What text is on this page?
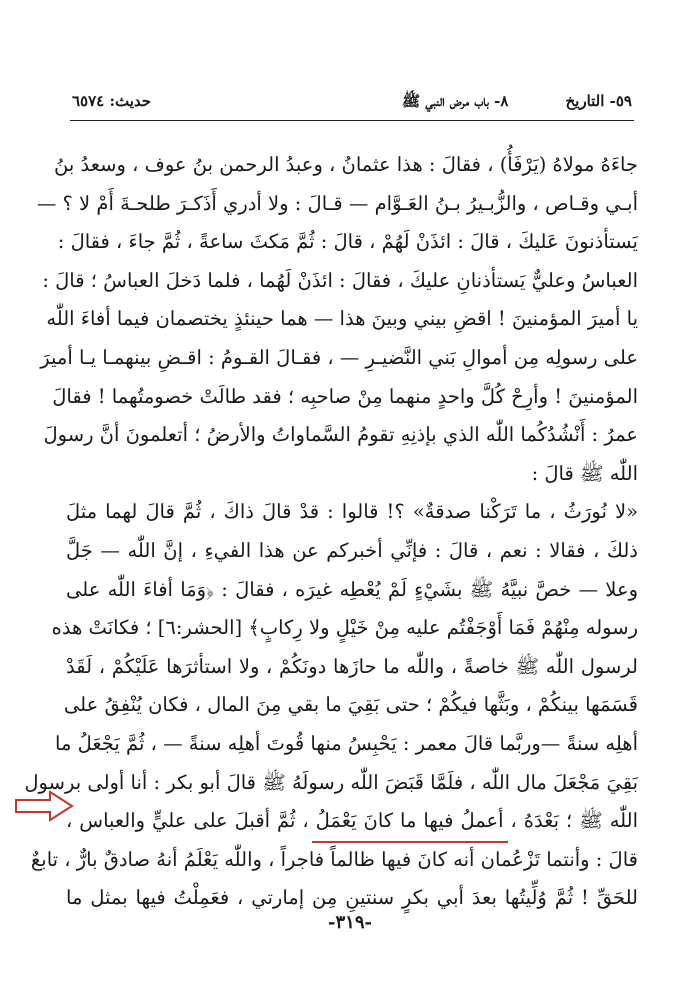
٥٩- التاريخ
٨- باب مرض النبي ﷺ
حديث: ٦٥٧٤
جاءَهُ مولاهُ (يَرْفَأُ) ، فقالَ : هذا عثمانُ ، وعبدُ الرحمن بنُ عوف ، وسعدُ بنُ
أبـي وقـاص ، والزُّبـيرُ بـنُ العَـوَّام — قـالَ : ولا أدري أَذَكـرَ طلحـةَ أَمْ لا ؟ —
يَستأذنونَ عَليكَ ، قالَ : ائذَنْ لَهُمْ ، قالَ : ثُمَّ مَكثَ ساعةً ، ثُمَّ جاءَ ، فقالَ :
العباسُ وعليٌّ يَستأذنانِ عليكَ ، فقالَ : ائذَنْ لَهُما ، فلما دَخلَ العباسُ ؛ قالَ :
يا أميرَ المؤمنينَ ! اقضِ بيني وبينَ هذا — هما حينئذٍ يختصمان فيما أفاءَ اللّٰه
على رسولِه مِن أموالِ بَني النَّضيـرِ — ، فقـالَ القـومُ : اقـضِ بينهمـا يـا أميرَ
المؤمنينَ ! وأرِحْ كُلَّ واحدٍ منهما مِنْ صاحبِه ؛ فقد طالَتْ خصومتُهما ! فقالَ
عمرُ : أَنْشُدُكُما اللّٰه الذي بإذنِهِ تقومُ السَّماواتُ والأرضُ ؛ أتعلمونَ أنَّ رسولَ
اللّٰه ﷺ قالَ :
«لا نُورَثُ ، ما تَرَكْنا صدقةٌ» ؟! قالوا : قدْ قالَ ذاكَ ، ثُمَّ قالَ لهما مثلَ
ذلكَ ، فقالا : نعم ، قالَ : فإنِّي أخبركم عن هذا الفيءِ ، إنَّ اللّٰه — جَلَّ
وعلا — خصَّ نبيَّهُ ﷺ بشَيْءٍ لَمْ يُعْطِه غيرَه ، فقالَ : ﴿وَمَا أفاءَ اللّٰه على
رسوله مِنْهُمْ فَمَا أَوْجَفْتُم عليه مِنْ خَيْلٍ ولا رِكابٍ﴾ [الحشر:٦] ؛ فكانَتْ هذه
لرسول اللّٰه ﷺ خاصةً ، واللّٰه ما حازَها دونَكُمْ ، ولا استأثرَها عَلَيْكُمْ ، لَقَدْ
قَسَمَها بينكُمْ ، وبَثَّها فيكُمْ ؛ حتى بَقِيَ ما بقي مِنَ المال ، فكان يُنْفِقُ على
أهلِه سنةً —وربَّما قالَ معمر : يَحْبِسُ منها قُوتَ أهلِه سنةً — ، ثُمَّ يَجْعَلُ ما
بَقِيَ مَجْعَلَ مال اللّٰه ، فلَمَّا قَبَضَ اللّٰه رسولَهُ ﷺ قالَ أبو بكر : أنا أولى برسول
اللّٰه ﷺ ؛ بَعْدَهُ ، أعملُ فيها ما كانَ يَعْمَلُ ، ثُمَّ أقبلَ على عليٍّ والعباس ،
قالَ : وأنتما تَزْعُمان أنه كانَ فيها ظالماً فاجراً ، واللّٰه يَعْلَمُ أنهُ صادقٌ بارٌّ ، تابعٌ
للحَقِّ ! ثُمَّ وُلِّيتُها بعدَ أبي بكرٍ سنتينِ مِن إمارتي ، فعَمِلْتُ فيها بمثل ما
-٣١٩-
